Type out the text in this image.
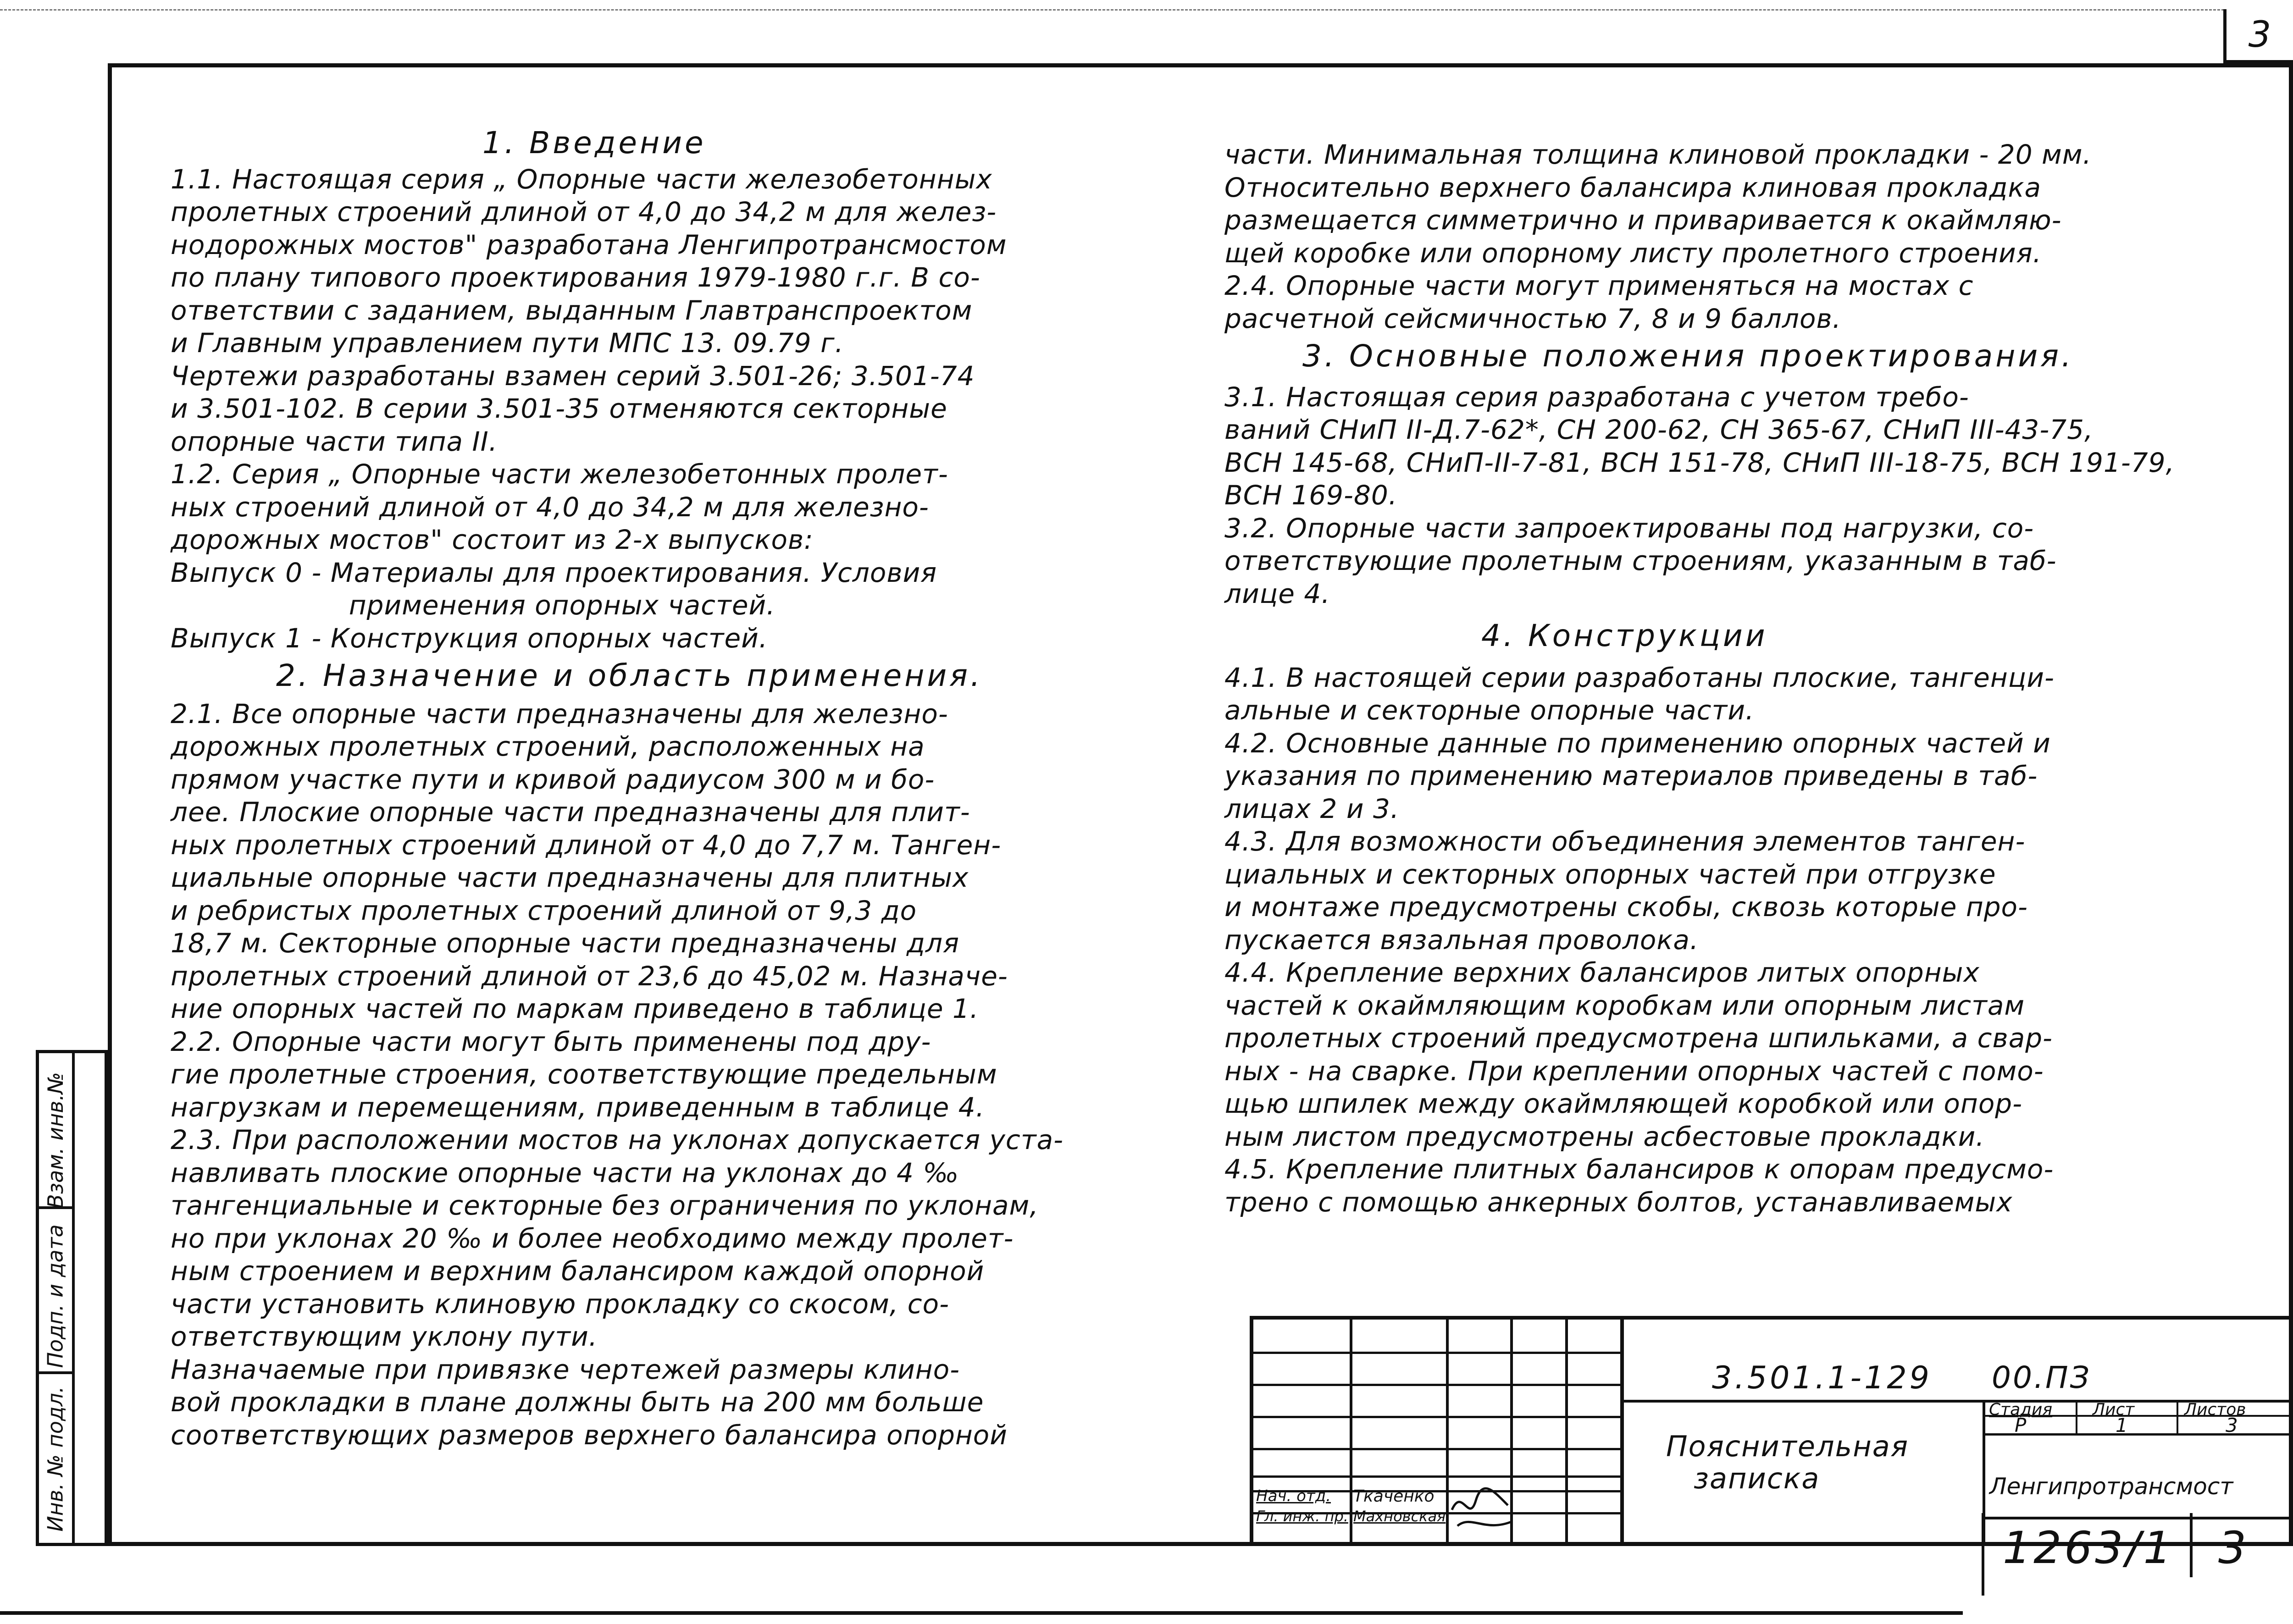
3
Взам. инв.№
Подп. и дата
Инв. № подл.
1. Введение

1.1. Настоящая серия „ Опорные части железобетонных

пролетных строений длиной от 4,0 до 34,2 м для желез-

нодорожных мостов" разработана Ленгипротрансмостом

по плану типового проектирования 1979-1980 г.г. В со-

ответствии с заданием, выданным Главтранспроектом

и Главным управлением пути МПС 13. 09.79 г.

Чертежи разработаны взамен серий 3.501-26; 3.501-74

и 3.501-102. В серии 3.501-35 отменяются секторные

опорные части типа II.

1.2. Серия „ Опорные части железобетонных пролет-

ных строений длиной от 4,0 до 34,2 м для железно-

дорожных мостов" состоит из 2-х выпусков:

Выпуск 0 - Материалы для проектирования. Условия

применения опорных частей.

Выпуск 1 - Конструкция опорных частей.

2. Назначение и область применения.

2.1. Все опорные части предназначены для железно-

дорожных пролетных строений, расположенных на

прямом участке пути и кривой радиусом 300 м и бо-

лее. Плоские опорные части предназначены для плит-

ных пролетных строений длиной от 4,0 до 7,7 м. Танген-

циальные опорные части предназначены для плитных

и ребристых пролетных строений длиной от 9,3 до

18,7 м. Секторные опорные части предназначены для

пролетных строений длиной от 23,6 до 45,02 м. Назначе-

ние опорных частей по маркам приведено в таблице 1.

2.2. Опорные части могут быть применены под дру-

гие пролетные строения, соответствующие предельным

нагрузкам и перемещениям, приведенным в таблице 4.

2.3. При расположении мостов на уклонах допускается уста-

навливать плоские опорные части на уклонах до 4 ‰

тангенциальные и секторные без ограничения по уклонам,

но при уклонах 20 ‰ и более необходимо между пролет-

ным строением и верхним балансиром каждой опорной

части установить клиновую прокладку со скосом, со-

ответствующим уклону пути.

Назначаемые при привязке чертежей размеры клино-

вой прокладки в плане должны быть на 200 мм больше

соответствующих размеров верхнего балансира опорной

части. Минимальная толщина клиновой прокладки - 20 мм.

Относительно верхнего балансира клиновая прокладка

размещается симметрично и приваривается к окаймляю-

щей коробке или опорному листу пролетного строения.

2.4. Опорные части могут применяться на мостах с

расчетной сейсмичностью 7, 8 и 9 баллов.

3. Основные положения проектирования.

3.1. Настоящая серия разработана с учетом требо-

ваний СНиП II-Д.7-62*, СН 200-62, СН 365-67, СНиП III-43-75,

ВСН 145-68, СНиП-II-7-81, ВСН 151-78, СНиП III-18-75, ВСН 191-79,

ВСН 169-80.

3.2. Опорные части запроектированы под нагрузки, со-

ответствующие пролетным строениям, указанным в таб-

лице 4.

4. Конструкции

4.1. В настоящей серии разработаны плоские, тангенци-

альные и секторные опорные части.

4.2. Основные данные по применению опорных частей и

указания по применению материалов приведены в таб-

лицах 2 и 3.

4.3. Для возможности объединения элементов танген-

циальных и секторных опорных частей при отгрузке

и монтаже предусмотрены скобы, сквозь которые про-

пускается вязальная проволока.

4.4. Крепление верхних балансиров литых опорных

частей к окаймляющим коробкам или опорным листам

пролетных строений предусмотрена шпильками, а свар-

ных - на сварке. При креплении опорных частей с помо-

щью шпилек между окаймляющей коробкой или опор-

ным листом предусмотрены асбестовые прокладки.

4.5. Крепление плитных балансиров к опорам предусмо-

трено с помощью анкерных болтов, устанавливаемых

3.501.1-129 00.ПЗ
Пояснительная
записка
Стадия Лист	Листов
Р	1	3
Ленгипротрансмост
Нач. отд. Ткаченко
Гл. инж. пр. Махновская
1263/1 3
